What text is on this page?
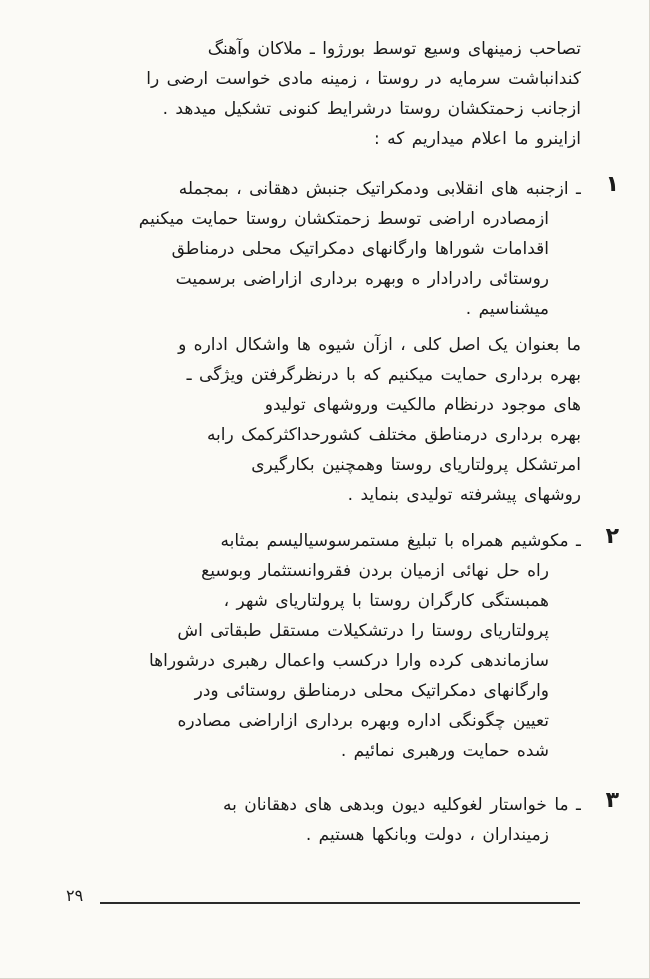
تصاحب زمینهای وسیع توسط بورژوا ـ ملاکان وآهنگ
کندانباشت سرمایه در روستا ، زمینه مادی خواست ارضی را
ازجانب زحمتکشان روستا درشرایط کنونی تشکیل میدهد .
ازاینرو ما اعلام میداریم که :
۱
ـ ازجنبه های انقلابی ودمکراتیک جنبش دهقانی ، بمجمله
ازمصادره اراضی توسط زحمتکشان روستا حمایت میکنیم
اقدامات شوراها وارگانهای دمکراتیک محلی درمناطق
روستائی رادرادار ه وبهره برداری ازاراضی برسمیت
میشناسیم .
ما بعنوان یک اصل کلی ، ازآن شیوه ها واشکال اداره و
بهره برداری حمایت میکنیم که با درنظرگرفتن ویژگی ـ
های موجود درنظام مالکیت وروشهای تولیدو
بهره برداری درمناطق مختلف کشورحداکثرکمک رابه
امرتشکل پرولتاریای روستا وهمچنین بکارگیری
روشهای پیشرفته تولیدی بنماید .
۲
ـ مکوشیم همراه با تبلیغ مستمرسوسیالیسم بمثابه
راه حل نهائی ازمیان بردن فقروانستثمار وبوسیع
همبستگی کارگران روستا با پرولتاریای شهر ،
پرولتاریای روستا را درتشکیلات مستقل طبقاتی اش
سازماندهی کرده وارا درکسب واعمال رهبری درشوراها
وارگانهای دمکراتیک محلی درمناطق روستائی ودر
تعیین چگونگی اداره وبهره برداری ازاراضی مصادره
شده حمایت ورهبری نمائیم .
۳
ـ ما خواستار لغوکلیه دیون وبدهی های دهقانان به
زمینداران ، دولت وبانکها هستیم .
۲۹
